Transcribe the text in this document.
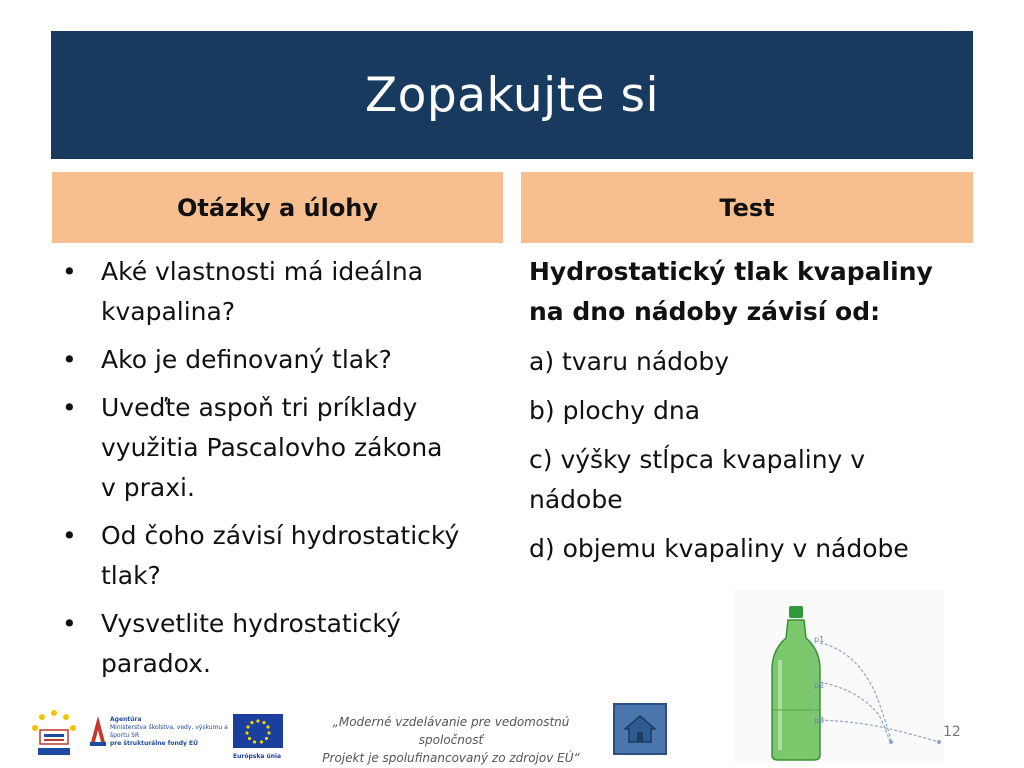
Zopakujte si
Otázky a úlohy	Test
• Aké vlastnosti má ideálna
kvapalina?
• Ako je definovaný tlak?
• Uveďte aspoň tri príklady
využitia Pascalovho zákona
v praxi.
• Od čoho závisí hydrostatický
tlak?
• Vysvetlite hydrostatický
paradox.
Hydrostatický tlak kvapaliny
na dno nádoby závisí od:
a) tvaru nádoby
b) plochy dna
c) výšky stĺpca kvapaliny v
nádobe
d) objemu kvapaliny v nádobe
p1
p2
p3
Agentúra
Ministerstva školstva, vedy, výskumu a športu SR
pre štrukturálne fondy EÚ
Európska únia
„Moderné vzdelávanie pre vedomostnú spoločnosť
Projekt je spolufinancovaný zo zdrojov EÚ“
12
